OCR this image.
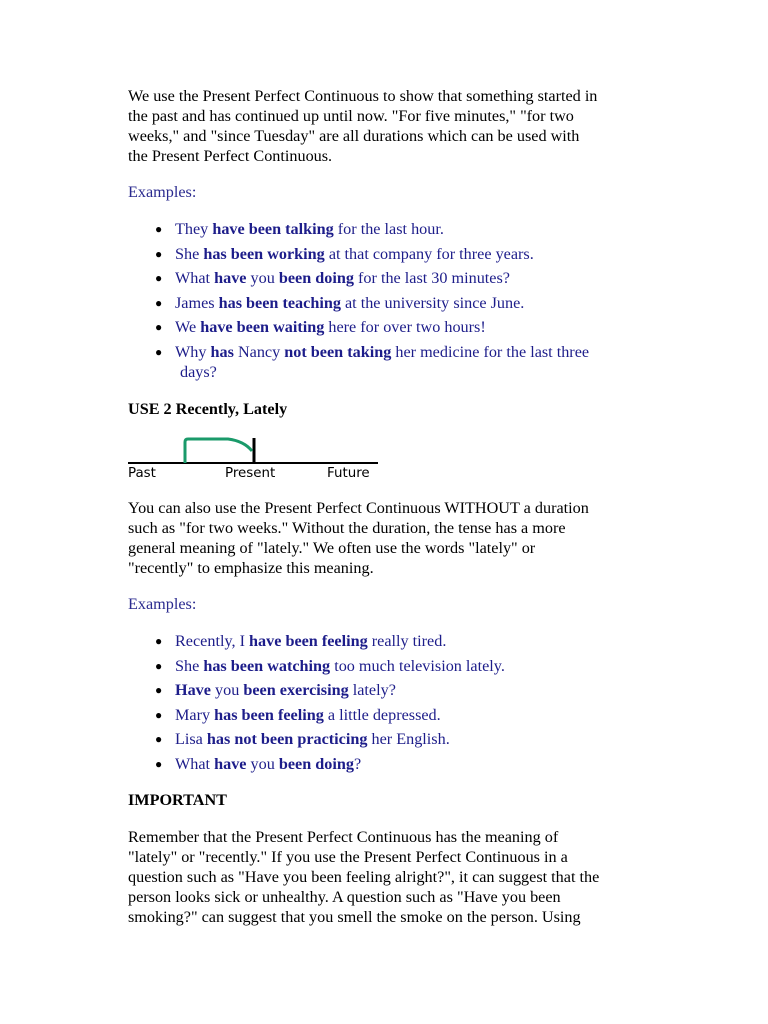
We use the Present Perfect Continuous to show that something started in
the past and has continued up until now. "For five minutes," "for two
weeks," and "since Tuesday" are all durations which can be used with
the Present Perfect Continuous.

Examples:

● They have been talking for the last hour.
● She has been working at that company for three years.
● What have you been doing for the last 30 minutes?
● James has been teaching at the university since June.
● We have been waiting here for over two hours!
● Why has Nancy not been taking her medicine for the last three
days?

USE 2 Recently, Lately

You can also use the Present Perfect Continuous WITHOUT a duration
such as "for two weeks." Without the duration, the tense has a more
general meaning of "lately." We often use the words "lately" or
"recently" to emphasize this meaning.

Examples:

● Recently, I have been feeling really tired.
● She has been watching too much television lately.
● Have you been exercising lately?
● Mary has been feeling a little depressed.
● Lisa has not been practicing her English.
● What have you been doing?

IMPORTANT

Remember that the Present Perfect Continuous has the meaning of
"lately" or "recently." If you use the Present Perfect Continuous in a
question such as "Have you been feeling alright?", it can suggest that the
person looks sick or unhealthy. A question such as "Have you been
smoking?" can suggest that you smell the smoke on the person. Using

Past	Present	Future
